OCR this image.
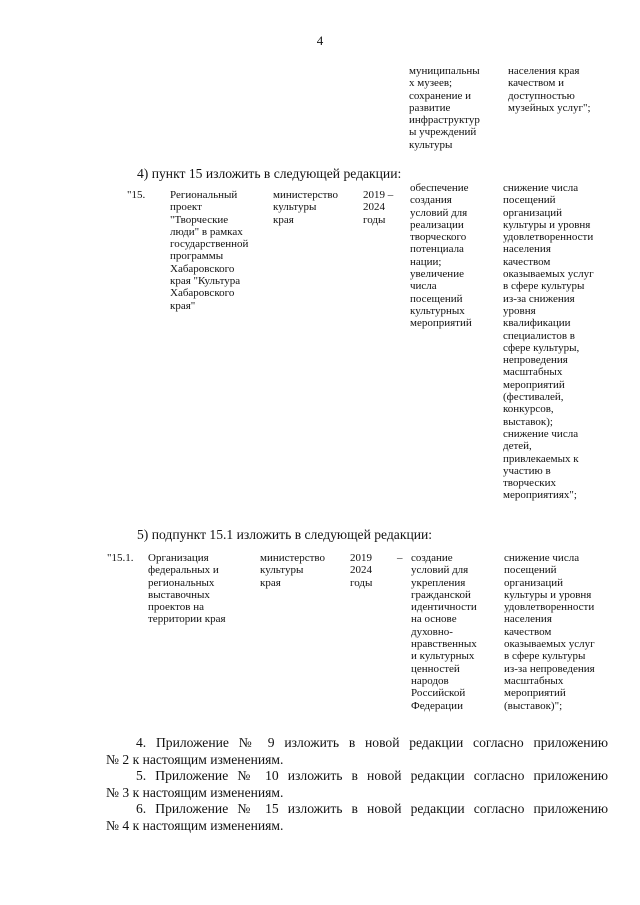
4
муниципальны
х музеев;
сохранение и
развитие
инфраструктур
ы учреждений
культуры
населения края
качеством и
доступностью
музейных услуг";
4) пункт 15 изложить в следующей редакции:
"15. Региональный
проект
"Творческие
люди" в рамках
государственной
программы
Хабаровского
края "Культура
Хабаровского
края"
министерство
культуры
края
2019 –
2024
годы
обеспечение
создания
условий для
реализации
творческого
потенциала
нации;
увеличение
числа
посещений
культурных
мероприятий
снижение числа
посещений
организаций
культуры и уровня
удовлетворенности
населения
качеством
оказываемых услуг
в сфере культуры
из-за снижения
уровня
квалификации
специалистов в
сфере культуры,
непроведения
масштабных
мероприятий
(фестивалей,
конкурсов,
выставок);
снижение числа
детей,
привлекаемых к
участию в
творческих
мероприятиях";
5) подпункт 15.1 изложить в следующей редакции:
"15.1. Организация
федеральных и
региональных
выставочных
проектов на
территории края
министерство
культуры
края
2019
2024
годы
– создание
условий для
укрепления
гражданской
идентичности
на основе
духовно-
нравственных
и культурных
ценностей
народов
Российской
Федерации
снижение числа
посещений
организаций
культуры и уровня
удовлетворенности
населения
качеством
оказываемых услуг
в сфере культуры
из-за непроведения
масштабных
мероприятий
(выставок)";
4. Приложение № 9 изложить в новой редакции согласно приложению
№ 2 к настоящим изменениям.
5. Приложение № 10 изложить в новой редакции согласно приложению
№ 3 к настоящим изменениям.
6. Приложение № 15 изложить в новой редакции согласно приложению
№ 4 к настоящим изменениям.
